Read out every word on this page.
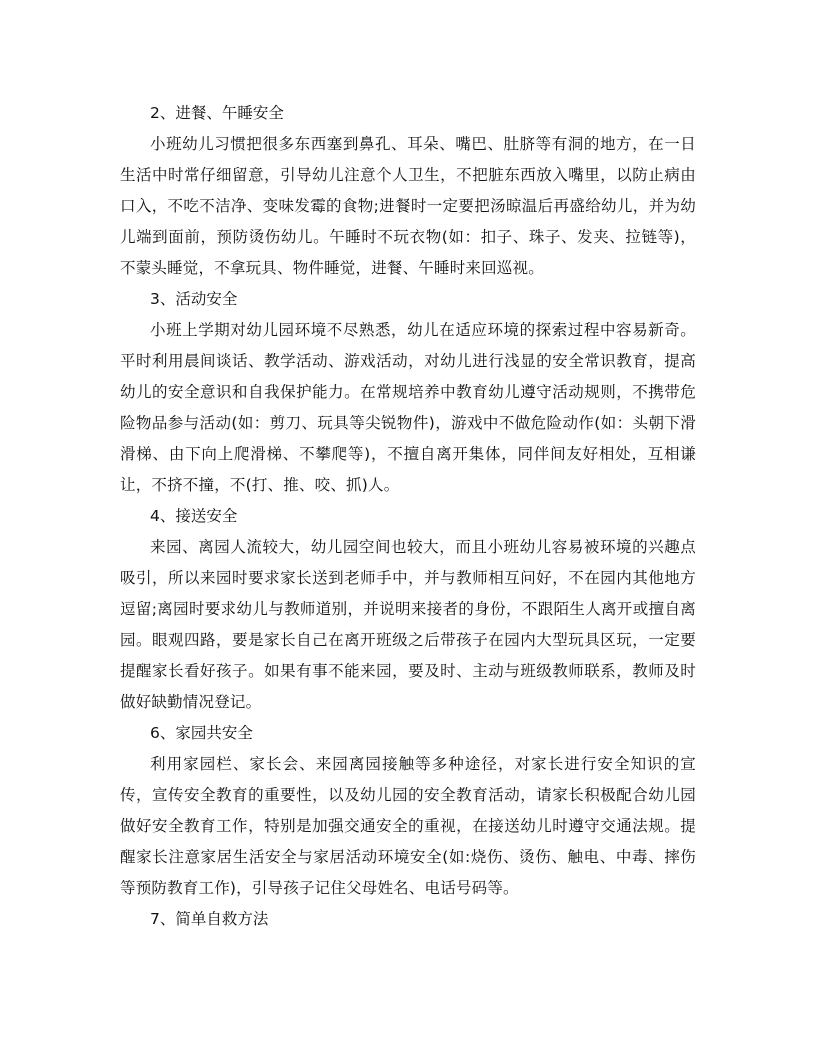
2、进餐、午睡安全

小班幼儿习惯把很多东西塞到鼻孔、耳朵、嘴巴、肚脐等有洞的地方，在一日生活中时常仔细留意，引导幼儿注意个人卫生，不把脏东西放入嘴里，以防止病由口入，不吃不洁净、变味发霉的食物;进餐时一定要把汤晾温后再盛给幼儿，并为幼儿端到面前，预防烫伤幼儿。午睡时不玩衣物(如：扣子、珠子、发夹、拉链等)，不蒙头睡觉，不拿玩具、物件睡觉，进餐、午睡时来回巡视。

3、活动安全

小班上学期对幼儿园环境不尽熟悉，幼儿在适应环境的探索过程中容易新奇。平时利用晨间谈话、教学活动、游戏活动，对幼儿进行浅显的安全常识教育，提高幼儿的安全意识和自我保护能力。在常规培养中教育幼儿遵守活动规则，不携带危险物品参与活动(如：剪刀、玩具等尖锐物件)，游戏中不做危险动作(如：头朝下滑滑梯、由下向上爬滑梯、不攀爬等)，不擅自离开集体，同伴间友好相处，互相谦让，不挤不撞，不(打、推、咬、抓)人。

4、接送安全

来园、离园人流较大，幼儿园空间也较大，而且小班幼儿容易被环境的兴趣点吸引，所以来园时要求家长送到老师手中，并与教师相互问好，不在园内其他地方逗留;离园时要求幼儿与教师道别，并说明来接者的身份，不跟陌生人离开或擅自离园。眼观四路，要是家长自己在离开班级之后带孩子在园内大型玩具区玩，一定要提醒家长看好孩子。如果有事不能来园，要及时、主动与班级教师联系，教师及时做好缺勤情况登记。

6、家园共安全

利用家园栏、家长会、来园离园接触等多种途径，对家长进行安全知识的宣传，宣传安全教育的重要性，以及幼儿园的安全教育活动，请家长积极配合幼儿园做好安全教育工作，特别是加强交通安全的重视，在接送幼儿时遵守交通法规。提醒家长注意家居生活安全与家居活动环境安全(如:烧伤、烫伤、触电、中毒、摔伤等预防教育工作)，引导孩子记住父母姓名、电话号码等。

7、简单自救方法
